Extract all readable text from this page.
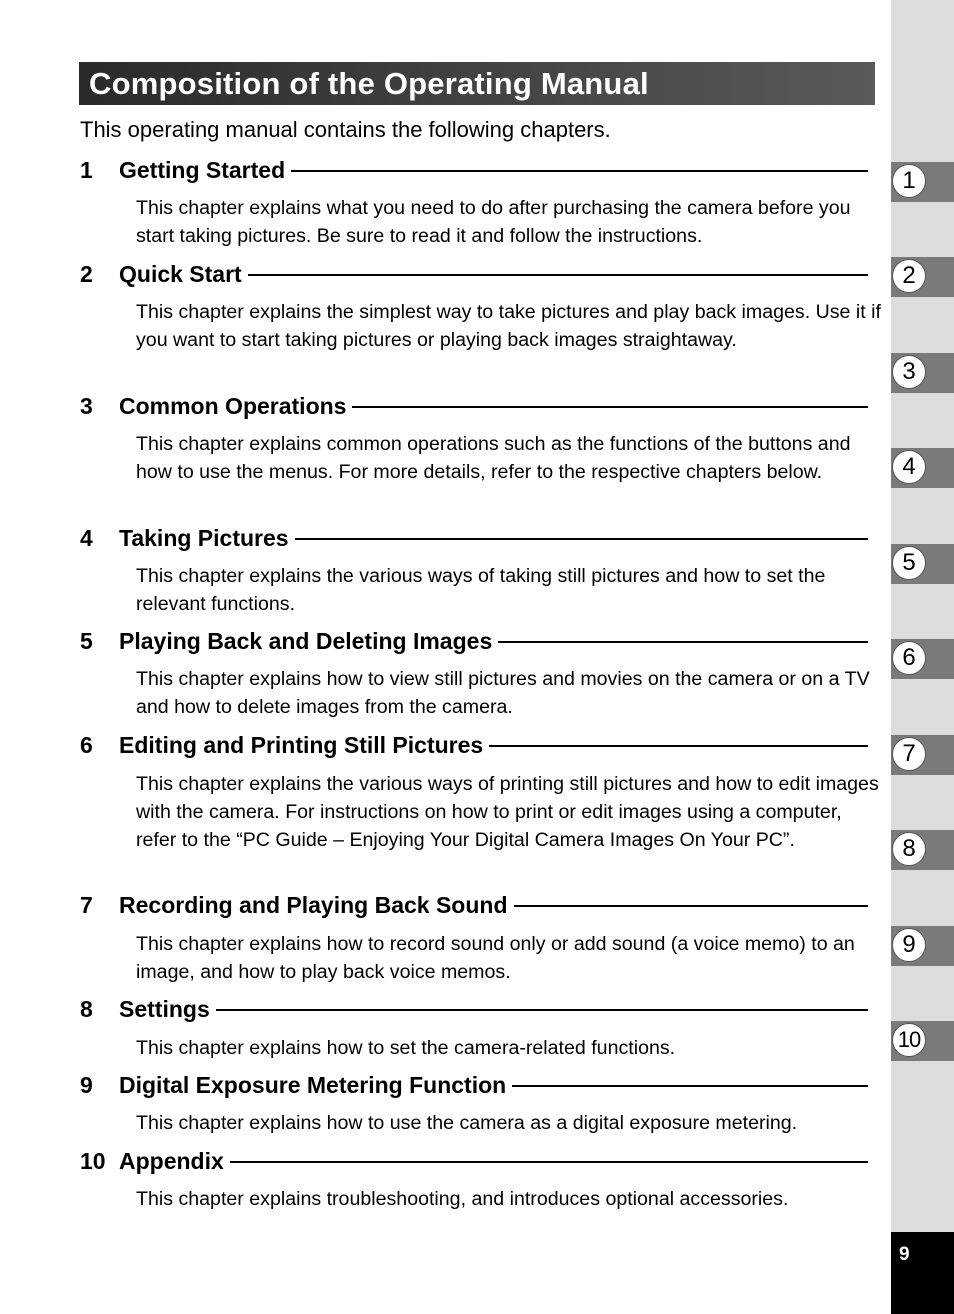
Composition of the Operating Manual
This operating manual contains the following chapters.
1	Getting Started
This chapter explains what you need to do after purchasing the camera before you start taking pictures. Be sure to read it and follow the instructions.
2	Quick Start
This chapter explains the simplest way to take pictures and play back images. Use it if you want to start taking pictures or playing back images straightaway.
3	Common Operations
This chapter explains common operations such as the functions of the buttons and how to use the menus. For more details, refer to the respective chapters below.
4	Taking Pictures
This chapter explains the various ways of taking still pictures and how to set the relevant functions.
5	Playing Back and Deleting Images
This chapter explains how to view still pictures and movies on the camera or on a TV and how to delete images from the camera.
6	Editing and Printing Still Pictures
This chapter explains the various ways of printing still pictures and how to edit images with the camera. For instructions on how to print or edit images using a computer, refer to the “PC Guide – Enjoying Your Digital Camera Images On Your PC”.
7	Recording and Playing Back Sound
This chapter explains how to record sound only or add sound (a voice memo) to an image, and how to play back voice memos.
8	Settings
This chapter explains how to set the camera-related functions.
9	Digital Exposure Metering Function
This chapter explains how to use the camera as a digital exposure metering.
10 Appendix
This chapter explains troubleshooting, and introduces optional accessories.
1
2
3
4
5
6
7
8
9
10
9
